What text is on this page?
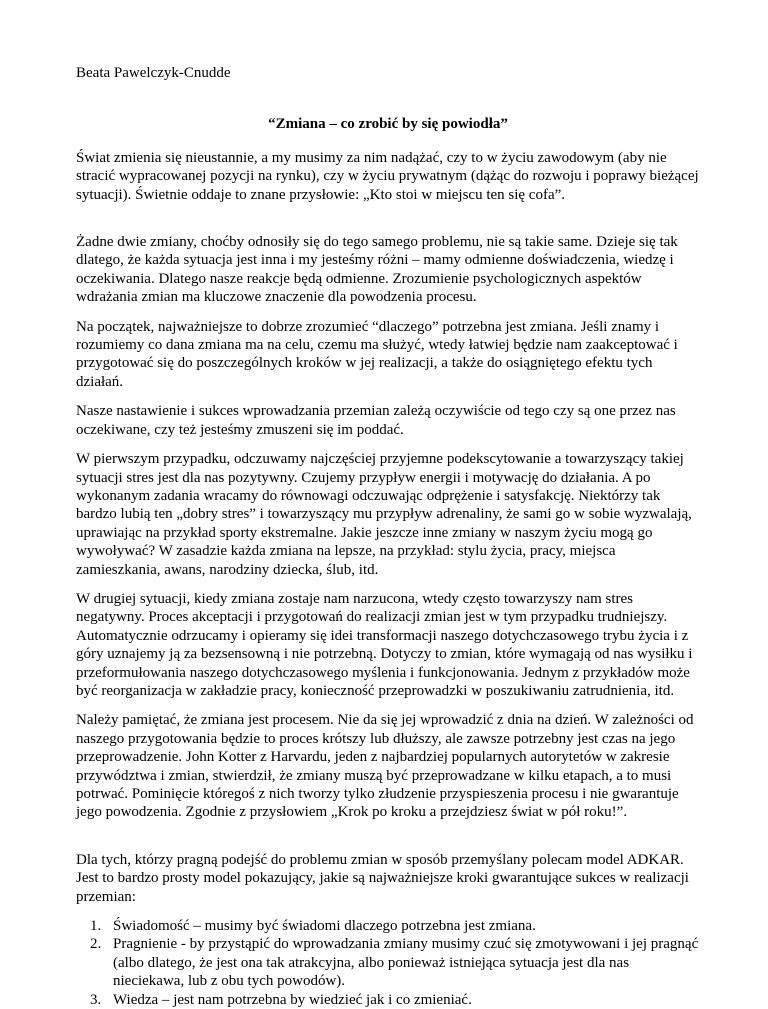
Beata Pawelczyk-Cnudde

“Zmiana – co zrobić by się powiodła”

Świat zmienia się nieustannie, a my musimy za nim nadążać, czy to w życiu zawodowym (aby nie stracić wypracowanej pozycji na rynku), czy w życiu prywatnym (dążąc do rozwoju i poprawy bieżącej sytuacji). Świetnie oddaje to znane przysłowie: „Kto stoi w miejscu ten się cofa”.

Żadne dwie zmiany, choćby odnosiły się do tego samego problemu, nie są takie same. Dzieje się tak dlatego, że każda sytuacja jest inna i my jesteśmy różni – mamy odmienne doświadczenia, wiedzę i oczekiwania. Dlatego nasze reakcje będą odmienne. Zrozumienie psychologicznych aspektów wdrażania zmian ma kluczowe znaczenie dla powodzenia procesu.

Na początek, najważniejsze to dobrze zrozumieć “dlaczego” potrzebna jest zmiana. Jeśli znamy i rozumiemy co dana zmiana ma na celu, czemu ma służyć, wtedy łatwiej będzie nam zaakceptować i przygotować się do poszczególnych kroków w jej realizacji, a także do osiągniętego efektu tych działań.

Nasze nastawienie i sukces wprowadzania przemian zależą oczywiście od tego czy są one przez nas oczekiwane, czy też jesteśmy zmuszeni się im poddać.

W pierwszym przypadku, odczuwamy najczęściej przyjemne podekscytowanie a towarzyszący takiej sytuacji stres jest dla nas pozytywny. Czujemy przypływ energii i motywację do działania. A po wykonanym zadania wracamy do równowagi odczuwając odprężenie i satysfakcję. Niektórzy tak bardzo lubią ten „dobry stres” i towarzyszący mu przypływ adrenaliny, że sami go w sobie wyzwalają, uprawiając na przykład sporty ekstremalne. Jakie jeszcze inne zmiany w naszym życiu mogą go wywoływać? W zasadzie każda zmiana na lepsze, na przykład: stylu życia, pracy, miejsca zamieszkania, awans, narodziny dziecka, ślub, itd.

W drugiej sytuacji, kiedy zmiana zostaje nam narzucona, wtedy często towarzyszy nam stres negatywny. Proces akceptacji i przygotowań do realizacji zmian jest w tym przypadku trudniejszy. Automatycznie odrzucamy i opieramy się idei transformacji naszego dotychczasowego trybu życia i z góry uznajemy ją za bezsensowną i nie potrzebną. Dotyczy to zmian, które wymagają od nas wysiłku i przeformułowania naszego dotychczasowego myślenia i funkcjonowania. Jednym z przykładów może być reorganizacja w zakładzie pracy, konieczność przeprowadzki w poszukiwaniu zatrudnienia, itd.

Należy pamiętać, że zmiana jest procesem. Nie da się jej wprowadzić z dnia na dzień. W zależności od naszego przygotowania będzie to proces krótszy lub dłuższy, ale zawsze potrzebny jest czas na jego przeprowadzenie. John Kotter z Harvardu, jeden z najbardziej popularnych autorytetów w zakresie przywództwa i zmian, stwierdził, że zmiany muszą być przeprowadzane w kilku etapach, a to musi potrwać. Pominięcie któregoś z nich tworzy tylko złudzenie przyspieszenia procesu i nie gwarantuje jego powodzenia. Zgodnie z przysłowiem „Krok po kroku a przejdziesz świat w pół roku!”.

Dla tych, którzy pragną podejść do problemu zmian w sposób przemyślany polecam model ADKAR. Jest to bardzo prosty model pokazujący, jakie są najważniejsze kroki gwarantujące sukces w realizacji przemian:

1. Świadomość – musimy być świadomi dlaczego potrzebna jest zmiana.
2. Pragnienie - by przystąpić do wprowadzania zmiany musimy czuć się zmotywowani i jej pragnąć (albo dlatego, że jest ona tak atrakcyjna, albo ponieważ istniejąca sytuacja jest dla nas nieciekawa, lub z obu tych powodów).
3. Wiedza – jest nam potrzebna by wiedzieć jak i co zmieniać.
